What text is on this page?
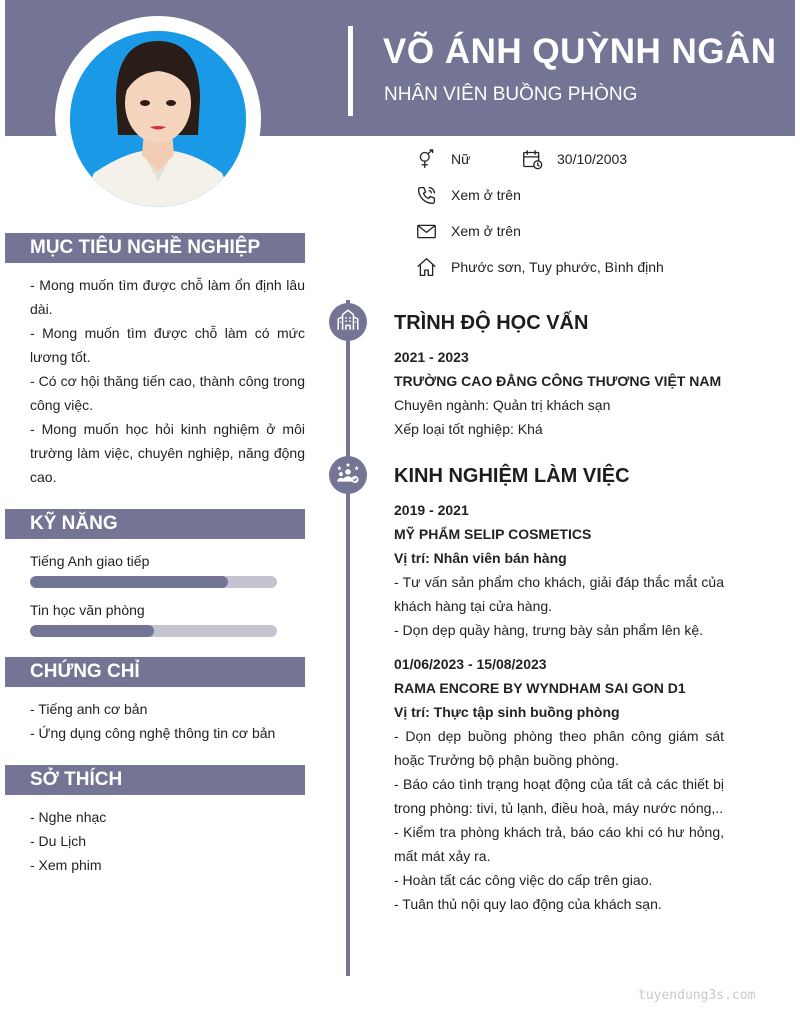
VÕ ÁNH QUỲNH NGÂN
NHÂN VIÊN BUỒNG PHÒNG
Nữ	30/10/2003
Xem ở trên
Xem ở trên
Phước sơn, Tuy phước, Bình định
MỤC TIÊU NGHỀ NGHIỆP

- Mong muốn tìm được chỗ làm ổn định lâu dài.

- Mong muốn tìm được chỗ làm có mức lương tốt.

- Có cơ hội thăng tiến cao, thành công trong công việc.

- Mong muốn học hỏi kinh nghiệm ở môi trường làm việc, chuyên nghiệp, năng động cao.

KỸ NĂNG
Tiếng Anh giao tiếp
Tin học văn phòng
CHỨNG CHỈ

- Tiếng anh cơ bản

- Ứng dụng công nghệ thông tin cơ bản

SỞ THÍCH

- Nghe nhạc

- Du Lịch

- Xem phim

TRÌNH ĐỘ HỌC VẤN
2021 - 2023
TRƯỜNG CAO ĐẲNG CÔNG THƯƠNG VIỆT NAM
Chuyên ngành: Quản trị khách sạn
Xếp loại tốt nghiệp: Khá
KINH NGHIỆM LÀM VIỆC
2019 - 2021
MỸ PHẨM SELIP COSMETICS
Vị trí: Nhân viên bán hàng
- Tư vấn sản phẩm cho khách, giải đáp thắc mắt của khách hàng tại cửa hàng.
- Dọn dẹp quầy hàng, trưng bày sản phẩm lên kệ.
01/06/2023 - 15/08/2023
RAMA ENCORE BY WYNDHAM SAI GON D1
Vị trí: Thực tập sinh buồng phòng
- Dọn dẹp buồng phòng theo phân công giám sát hoặc Trưởng bộ phận buồng phòng.
- Báo cáo tình trạng hoạt động của tất cả các thiết bị trong phòng: tivi, tủ lạnh, điều hoà, máy nước nóng,..
- Kiểm tra phòng khách trả, báo cáo khi có hư hỏng, mất mát xảy ra.
- Hoàn tất các công việc do cấp trên giao.
- Tuân thủ nội quy lao động của khách sạn.
tuyendung3s.com
